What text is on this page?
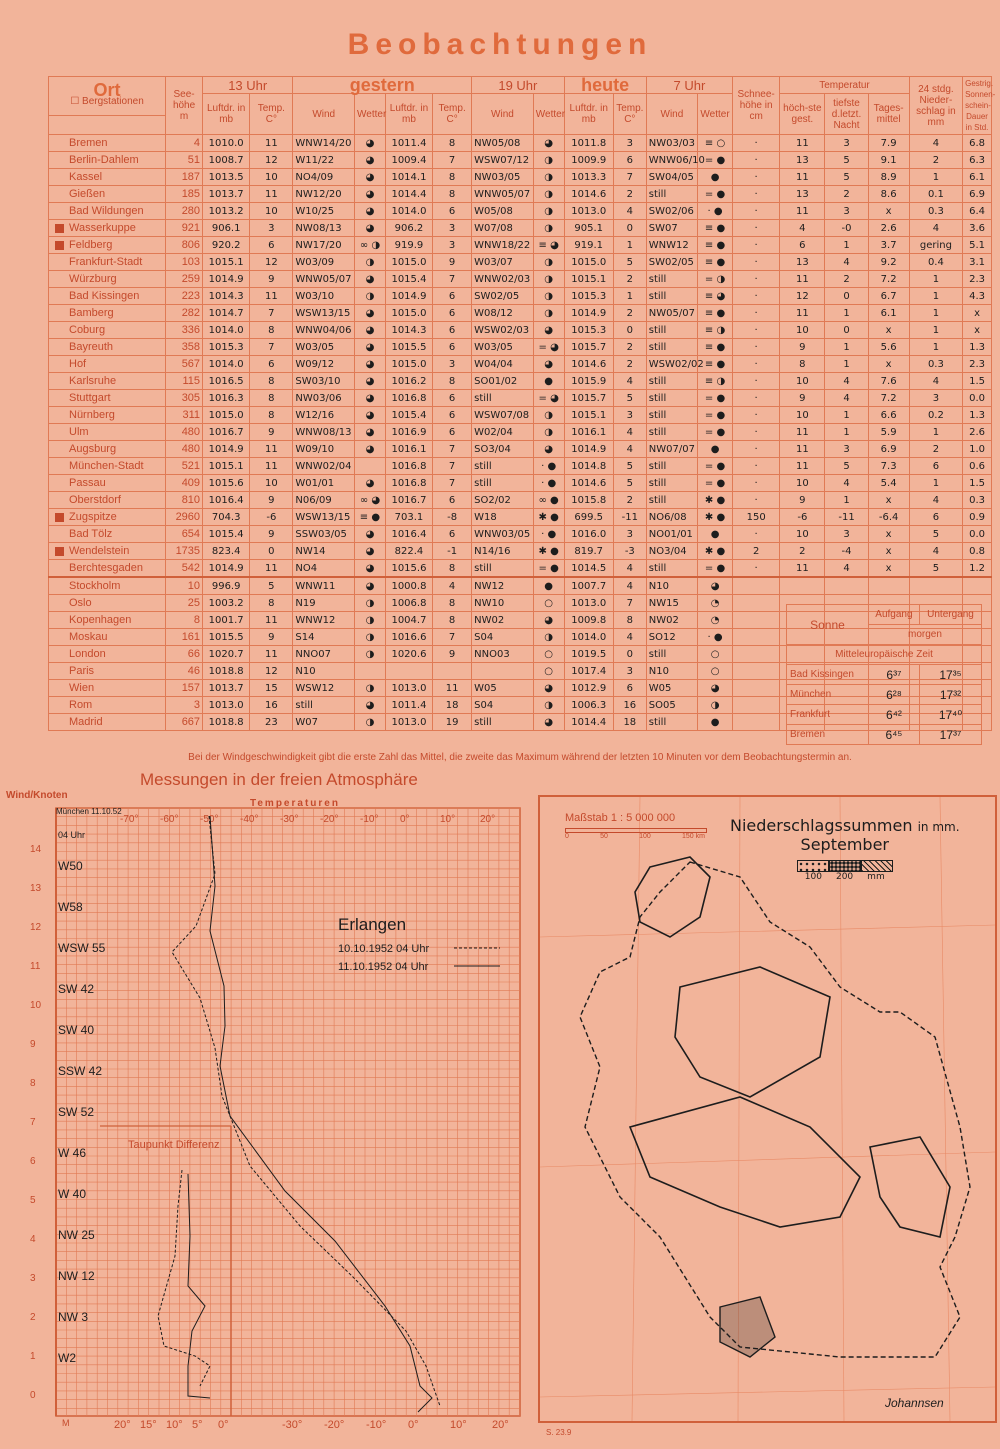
Beobachtungen
Ort
☐ Bergstationen	See-höhe m	13 Uhr		gestern				19 Uhr		heute		7 Uhr		Schnee-höhe in cm	Temperatur			24 stdg. Nieder-schlag in mm	Gestrig. Sonnen-schein-Dauer in Std.
		Luftdr. in mb	Temp. C°	Wind	Wetter	Luftdr. in mb	Temp. C°	Wind	Wetter	Luftdr. in mb	Temp. C°	Wind	Wetter		höch-ste gest.	tiefste d.letzt. Nacht	Tages-mittel		

Bremen	4	1010.0	11	WNW14/20	◕	1011.4	8	NW05/08	◕	1011.8	3	NW03/03	≡ ○	·	11	3	7.9	4	6.8
Berlin-Dahlem	51	1008.7	12	W11/22	◕	1009.4	7	WSW07/12	◑	1009.9	6	WNW06/10	= ●	·	13	5	9.1	2	6.3
Kassel	187	1013.5	10	NO4/09	◕	1014.1	8	NW03/05	◑	1013.3	7	SW04/05	●	·	11	5	8.9	1	6.1
Gießen	185	1013.7	11	NW12/20	◕	1014.4	8	WNW05/07	◑	1014.6	2	still	= ●	·	13	2	8.6	0.1	6.9
Bad Wildungen	280	1013.2	10	W10/25	◕	1014.0	6	W05/08	◑	1013.0	4	SW02/06	· ●	·	11	3	x	0.3	6.4
Wasserkuppe	921	906.1	3	NW08/13	◕	906.2	3	W07/08	◑	905.1	0	SW07	≡ ●	·	4	-0	2.6	4	3.6
Feldberg	806	920.2	6	NW17/20	∞ ◑	919.9	3	WNW18/22	≡ ◕	919.1	1	WNW12	≡ ●	·	6	1	3.7	gering	5.1
Frankfurt-Stadt	103	1015.1	12	W03/09	◑	1015.0	9	W03/07	◑	1015.0	5	SW02/05	≡ ●	·	13	4	9.2	0.4	3.1
Würzburg	259	1014.9	9	WNW05/07	◕	1015.4	7	WNW02/03	◑	1015.1	2	still	= ◑	·	11	2	7.2	1	2.3
Bad Kissingen	223	1014.3	11	W03/10	◑	1014.9	6	SW02/05	◑	1015.3	1	still	≡ ◕	·	12	0	6.7	1	4.3
Bamberg	282	1014.7	7	WSW13/15	◕	1015.0	6	W08/12	◑	1014.9	2	NW05/07	≡ ●	·	11	1	6.1	1	x
Coburg	336	1014.0	8	WNW04/06	◕	1014.3	6	WSW02/03	◕	1015.3	0	still	≡ ◑	·	10	0	x	1	x
Bayreuth	358	1015.3	7	W03/05	◕	1015.5	6	W03/05	= ◕	1015.7	2	still	≡ ●	·	9	1	5.6	1	1.3
Hof	567	1014.0	6	W09/12	◕	1015.0	3	W04/04	◕	1014.6	2	WSW02/02	≡ ●	·	8	1	x	0.3	2.3
Karlsruhe	115	1016.5	8	SW03/10	◕	1016.2	8	SO01/02	●	1015.9	4	still	≡ ◑	·	10	4	7.6	4	1.5
Stuttgart	305	1016.3	8	NW03/06	◕	1016.8	6	still	= ◕	1015.7	5	still	= ●	·	9	4	7.2	3	0.0
Nürnberg	311	1015.0	8	W12/16	◕	1015.4	6	WSW07/08	◑	1015.1	3	still	= ●	·	10	1	6.6	0.2	1.3
Ulm	480	1016.7	9	WNW08/13	◕	1016.9	6	W02/04	◑	1016.1	4	still	= ●	·	11	1	5.9	1	2.6
Augsburg	480	1014.9	11	W09/10	◕	1016.1	7	SO3/04	◕	1014.9	4	NW07/07	●	·	11	3	6.9	2	1.0
München-Stadt	521	1015.1	11	WNW02/04		1016.8	7	still	· ●	1014.8	5	still	= ●	·	11	5	7.3	6	0.6
Passau	409	1015.6	10	W01/01	◕	1016.8	7	still	· ●	1014.6	5	still	= ●	·	10	4	5.4	1	1.5
Oberstdorf	810	1016.4	9	N06/09	∞ ◕	1016.7	6	SO2/02	∞ ●	1015.8	2	still	✱ ●	·	9	1	x	4	0.3
Zugspitze	2960	704.3	-6	WSW13/15	≡ ●	703.1	-8	W18	✱ ●	699.5	-11	NO6/08	✱ ●	150	-6	-11	-6.4	6	0.9
Bad Tölz	654	1015.4	9	SSW03/05	◕	1016.4	6	WNW03/05	· ●	1016.0	3	NO01/01	●	·	10	3	x	5	0.0
Wendelstein	1735	823.4	0	NW14	◕	822.4	-1	N14/16	✱ ●	819.7	-3	NO3/04	✱ ●	2	2	-4	x	4	0.8
Berchtesgaden	542	1014.9	11	NO4	◕	1015.6	8	still	= ●	1014.5	4	still	= ●	·	11	4	x	5	1.2
Stockholm	10	996.9	5	WNW11	◕	1000.8	4	NW12	●	1007.7	4	N10	◕						
Oslo	25	1003.2	8	N19	◑	1006.8	8	NW10	○	1013.0	7	NW15	◔						
Kopenhagen	8	1001.7	11	WNW12	◑	1004.7	8	NW02	◕	1009.8	8	NW02	◔						
Moskau	161	1015.5	9	S14	◑	1016.6	7	S04	◑	1014.0	4	SO12	· ●						
London	66	1020.7	11	NNO07	◑	1020.6	9	NNO03	○	1019.5	0	still	○						
Paris	46	1018.8	12	N10					○	1017.4	3	N10	○						
Wien	157	1013.7	15	WSW12	◑	1013.0	11	W05	◕	1012.9	6	W05	◕						
Rom	3	1013.0	16	still	◕	1011.4	18	S04	◑	1006.3	16	SO05	◑						
Madrid	667	1018.8	23	W07	◑	1013.0	19	still	◕	1014.4	18	still	●						
Sonne	Aufgang	Untergang
	morgen	
Mitteleuropäische Zeit		
Bad Kissingen	6³⁷	17³⁵
München	6²⁸	17³²
Frankfurt	6⁴²	17⁴⁰
Bremen	6⁴⁵	17³⁷
Bei der Windgeschwindigkeit gibt die erste Zahl das Mittel, die zweite das Maximum während der letzten 10 Minuten vor dem Beobachtungstermin an.
Messungen in der freien Atmosphäre
Wind/Knoten
Temperaturen
München 11.10.52
04 Uhr
Taupunkt Differenz
Erlangen
10.10.1952 04 Uhr
11.10.1952 04 Uhr
14
13
12
11
10
9
8
7
6
5
4
3
2
1
0
W50
W58
WSW 55
SW 42
SW 40
SSW 42
SW 52
W 46
W 40
NW 25
NW 12
NW 3
W2
-70° -60° -50° -40° -30° -20° -10° 0°	10° 20°
20° 15° 10° 5° 0°	-30° -20° -10° 0°	10° 20°
M
Maßstab 1 : 5 000 000
0	50	100	150 km
Niederschlagssummen in mm.
September
100 200 mm
Johannsen
S. 23.9
